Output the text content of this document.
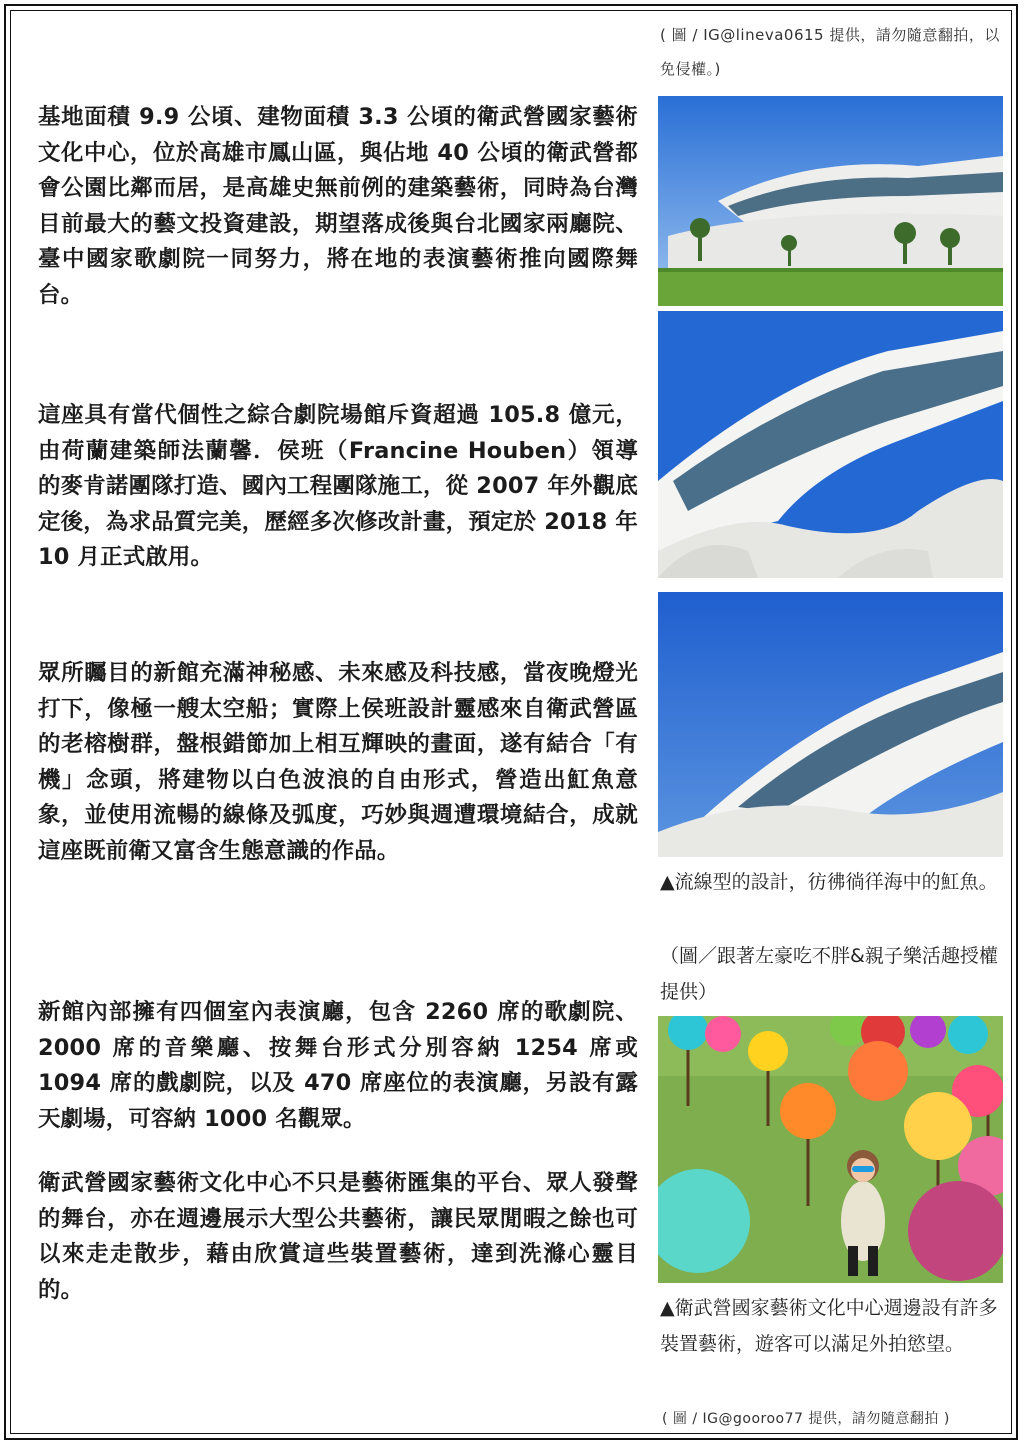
( 圖 / IG@lineva0615 提供，請勿隨意翻拍，以免侵權。)

基地面積 9.9 公頃、建物面積 3.3 公頃的衛武營國家藝術文化中心，位於高雄市鳳山區，與佔地 40 公頃的衛武營都會公園比鄰而居，是高雄史無前例的建築藝術，同時為台灣目前最大的藝文投資建設，期望落成後與台北國家兩廳院、臺中國家歌劇院一同努力，將在地的表演藝術推向國際舞台。

這座具有當代個性之綜合劇院場館斥資超過 105.8 億元，由荷蘭建築師法蘭馨．侯班（Francine Houben）領導的麥肯諾團隊打造、國內工程團隊施工，從 2007 年外觀底定後，為求品質完美，歷經多次修改計畫，預定於 2018 年 10 月正式啟用。

眾所矚目的新館充滿神秘感、未來感及科技感，當夜晚燈光打下，像極一艘太空船；實際上侯班設計靈感來自衛武營區的老榕樹群，盤根錯節加上相互輝映的畫面，遂有結合「有機」念頭，將建物以白色波浪的自由形式，營造出魟魚意象，並使用流暢的線條及弧度，巧妙與週遭環境結合，成就這座既前衛又富含生態意識的作品。

新館內部擁有四個室內表演廳，包含 2260 席的歌劇院、2000 席的音樂廳、按舞台形式分別容納 1254 席或 1094 席的戲劇院，以及 470 席座位的表演廳，另設有露天劇場，可容納 1000 名觀眾。

衛武營國家藝術文化中心不只是藝術匯集的平台、眾人發聲的舞台，亦在週邊展示大型公共藝術，讓民眾閒暇之餘也可以來走走散步，藉由欣賞這些裝置藝術，達到洗滌心靈目的。

▲流線型的設計，彷彿徜徉海中的魟魚。

（圖／跟著左豪吃不胖&親子樂活趣授權提供）

▲衛武營國家藝術文化中心週邊設有許多裝置藝術，遊客可以滿足外拍慾望。

( 圖 / IG@gooroo77 提供，請勿隨意翻拍 )
